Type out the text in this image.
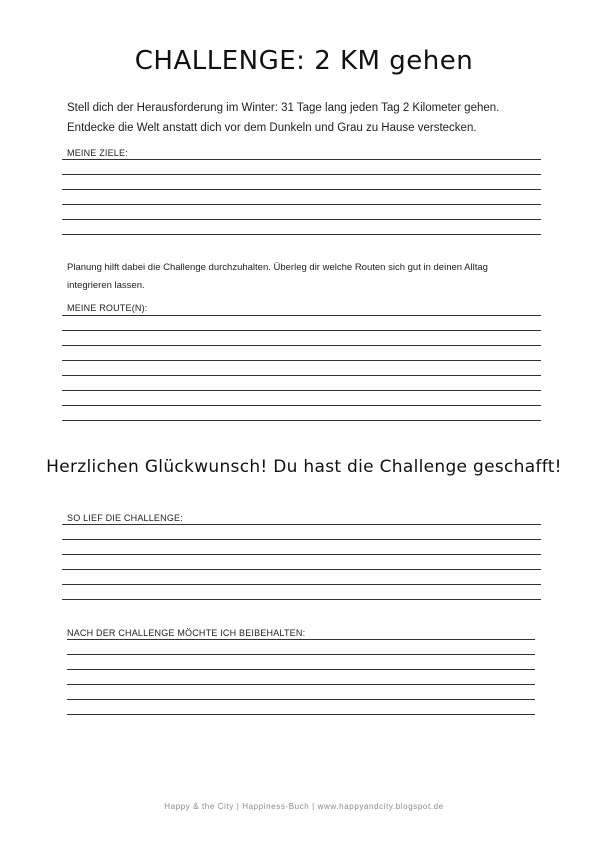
CHALLENGE: 2 KM gehen
Stell dich der Herausforderung im Winter: 31 Tage lang jeden Tag 2 Kilometer gehen.
Entdecke die Welt anstatt dich vor dem Dunkeln und Grau zu Hause verstecken.
MEINE ZIELE:
Planung hilft dabei die Challenge durchzuhalten. Überleg dir welche Routen sich gut in deinen Alltag
integrieren lassen.
MEINE ROUTE(N):
Herzlichen Glückwunsch! Du hast die Challenge geschafft!
SO LIEF DIE CHALLENGE:
NACH DER CHALLENGE MÖCHTE ICH BEIBEHALTEN:
Happy & the City | Happiness-Buch | www.happyandcity.blogspot.de
